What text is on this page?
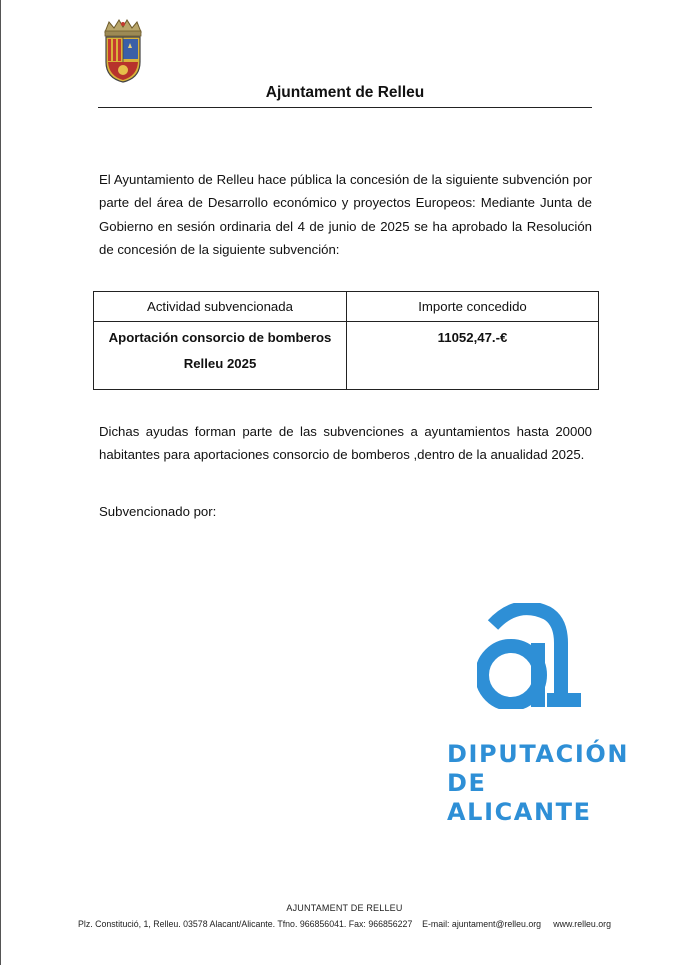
Ajuntament de Relleu

El Ayuntamiento de Relleu hace pública la concesión de la siguiente subvención por parte del área de Desarrollo económico y proyectos Europeos: Mediante Junta de Gobierno en sesión ordinaria del 4 de junio de 2025 se ha aprobado la Resolución de concesión de la siguiente subvención:

Actividad subvencionada	Importe concedido
Aportación consorcio de bomberos Relleu 2025	11052,47.-€

Dichas ayudas forman parte de las subvenciones a ayuntamientos hasta 20000 habitantes para aportaciones consorcio de bomberos ,dentro de la anualidad 2025.

Subvencionado por:
DIPUTACIÓN
DE ALICANTE
AJUNTAMENT DE RELLEU
Plz. Constitució, 1, Relleu. 03578 Alacant/Alicante. Tfno. 966856041. Fax: 966856227    E-mail: ajuntament@relleu.org     www.relleu.org
